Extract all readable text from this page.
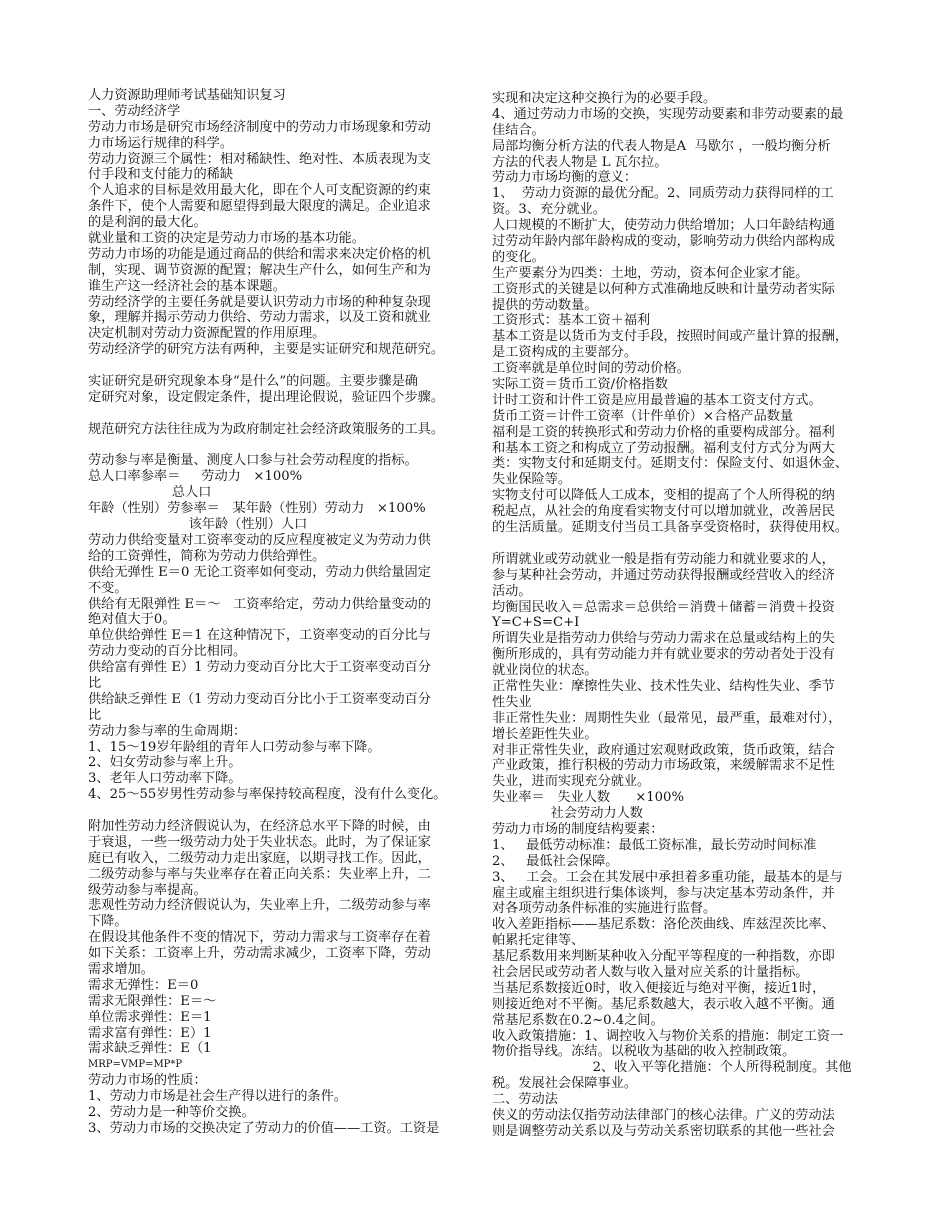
人力资源助理师考试基础知识复习
一、劳动经济学
劳动力市场是研究市场经济制度中的劳动力市场现象和劳动
力市场运行规律的科学。
劳动力资源三个属性：相对稀缺性、绝对性、本质表现为支
付手段和支付能力的稀缺
个人追求的目标是效用最大化，即在个人可支配资源的约束
条件下，使个人需要和愿望得到最大限度的满足。企业追求
的是利润的最大化。
就业量和工资的决定是劳动力市场的基本功能。
劳动力市场的功能是通过商品的供给和需求来决定价格的机
制，实现、调节资源的配置；解决生产什么，如何生产和为
谁生产这一经济社会的基本课题。
劳动经济学的主要任务就是要认识劳动力市场的种种复杂现
象，理解并揭示劳动力供给、劳动力需求，以及工资和就业
决定机制对劳动力资源配置的作用原理。
劳动经济学的研究方法有两种，主要是实证研究和规范研究。
实证研究是研究现象本身“是什么”的问题。主要步骤是确
定研究对象，设定假定条件，提出理论假说，验证四个步骤。
规范研究方法往往成为为政府制定社会经济政策服务的工具。
劳动参与率是衡量、测度人口参与社会劳动程度的指标。
总人口率参率＝     劳动力   ×100%
总人口
年龄（性别）劳参率＝   某年龄（性别）劳动力   ×100%
该年龄（性别）人口
劳动力供给变量对工资率变动的反应程度被定义为劳动力供
给的工资弹性，简称为劳动力供给弹性。
供给无弹性 E＝0 无论工资率如何变动，劳动力供给量固定
不变。
供给有无限弹性 E＝～   工资率给定，劳动力供给量变动的
绝对值大于0。
单位供给弹性 E＝1 在这种情况下，工资率变动的百分比与
劳动力变动的百分比相同。
供给富有弹性 E）1 劳动力变动百分比大于工资率变动百分
比
供给缺乏弹性 E（1 劳动力变动百分比小于工资率变动百分
比
劳动力参与率的生命周期：
1、15～19岁年龄组的青年人口劳动参与率下降。
2、妇女劳动参与率上升。
3、老年人口劳动率下降。
4、25～55岁男性劳动参与率保持较高程度，没有什么变化。
附加性劳动力经济假说认为，在经济总水平下降的时候，由
于衰退，一些一级劳动力处于失业状态。此时，为了保证家
庭已有收入，二级劳动力走出家庭，以期寻找工作。因此，
二级劳动参与率与失业率存在着正向关系：失业率上升，二
级劳动参与率提高。
悲观性劳动力经济假说认为，失业率上升，二级劳动参与率
下降。
在假设其他条件不变的情况下，劳动力需求与工资率存在着
如下关系：工资率上升，劳动需求减少，工资率下降，劳动
需求增加。
需求无弹性：E＝0
需求无限弹性：E＝～
单位需求弹性：E＝1
需求富有弹性：E）1
需求缺乏弹性：E（1
MRP=VMP=MP*P
劳动力市场的性质：
1、劳动力市场是社会生产得以进行的条件。
2、劳动力是一种等价交换。
3、劳动力市场的交换决定了劳动力的价值——工资。工资是
实现和决定这种交换行为的必要手段。
4、通过劳动力市场的交换，实现劳动要素和非劳动要素的最
佳结合。
局部均衡分析方法的代表人物是A  马歇尔 ，一般均衡分析
方法的代表人物是 L 瓦尔拉。
劳动力市场均衡的意义：
1、  劳动力资源的最优分配。2、同质劳动力获得同样的工
资。3、充分就业。
人口规模的不断扩大，使劳动力供给增加；人口年龄结构通
过劳动年龄内部年龄构成的变动，影响劳动力供给内部构成
的变化。
生产要素分为四类：土地，劳动，资本何企业家才能。
工资形式的关键是以何种方式准确地反映和计量劳动者实际
提供的劳动数量。
工资形式：基本工资＋福利
基本工资是以货币为支付手段，按照时间或产量计算的报酬，
是工资构成的主要部分。
工资率就是单位时间的劳动价格。
实际工资＝货币工资/价格指数
计时工资和计件工资是应用最普遍的基本工资支付方式。
货币工资＝计件工资率（计件单价）×合格产品数量
福利是工资的转换形式和劳动力价格的重要构成部分。福利
和基本工资之和构成立了劳动报酬。福利支付方式分为两大
类：实物支付和延期支付。延期支付：保险支付、如退休金、
失业保险等。
实物支付可以降低人工成本，变相的提高了个人所得税的纳
税起点，从社会的角度看实物支付可以增加就业，改善居民
的生活质量。延期支付当员工具备享受资格时，获得使用权。
所谓就业或劳动就业一般是指有劳动能力和就业要求的人，
参与某种社会劳动，并通过劳动获得报酬或经营收入的经济
活动。
均衡国民收入＝总需求＝总供给＝消费＋储蓄＝消费＋投资
Y=C+S=C+I
所谓失业是指劳动力供给与劳动力需求在总量或结构上的失
衡所形成的，具有劳动能力并有就业要求的劳动者处于没有
就业岗位的状态。
正常性失业：摩擦性失业、技术性失业、结构性失业、季节
性失业
非正常性失业：周期性失业（最常见，最严重，最难对付），
增长差距性失业。
对非正常性失业，政府通过宏观财政政策，货币政策，结合
产业政策，推行积极的劳动力市场政策，来缓解需求不足性
失业，进而实现充分就业。
失业率＝   失业人数      ×100%
社会劳动力人数
劳动力市场的制度结构要素：
1、   最低劳动标准：最低工资标准，最长劳动时间标准
2、   最低社会保障。
3、   工会。工会在其发展中承担着多重功能，最基本的是与
雇主或雇主组织进行集体谈判，参与决定基本劳动条件，并
对各项劳动条件标准的实施进行监督。
收入差距指标——基尼系数：洛伦茨曲线、库兹涅茨比率、
帕累托定律等、
基尼系数用来判断某种收入分配平等程度的一种指数，亦即
社会居民或劳动者人数与收入量对应关系的计量指标。
当基尼系数接近0时，收入便接近与绝对平衡，接近1时，
则接近绝对不平衡。基尼系数越大，表示收入越不平衡。通
常基尼系数在0.2~0.4之间。
收入政策措施：1、调控收入与物价关系的措施：制定工资一
物价指导线。冻结。以税收为基础的收入控制政策。
2、收入平等化措施：个人所得税制度。其他
税。发展社会保障事业。
二、劳动法
侠义的劳动法仅指劳动法律部门的核心法律。广义的劳动法
则是调整劳动关系以及与劳动关系密切联系的其他一些社会
